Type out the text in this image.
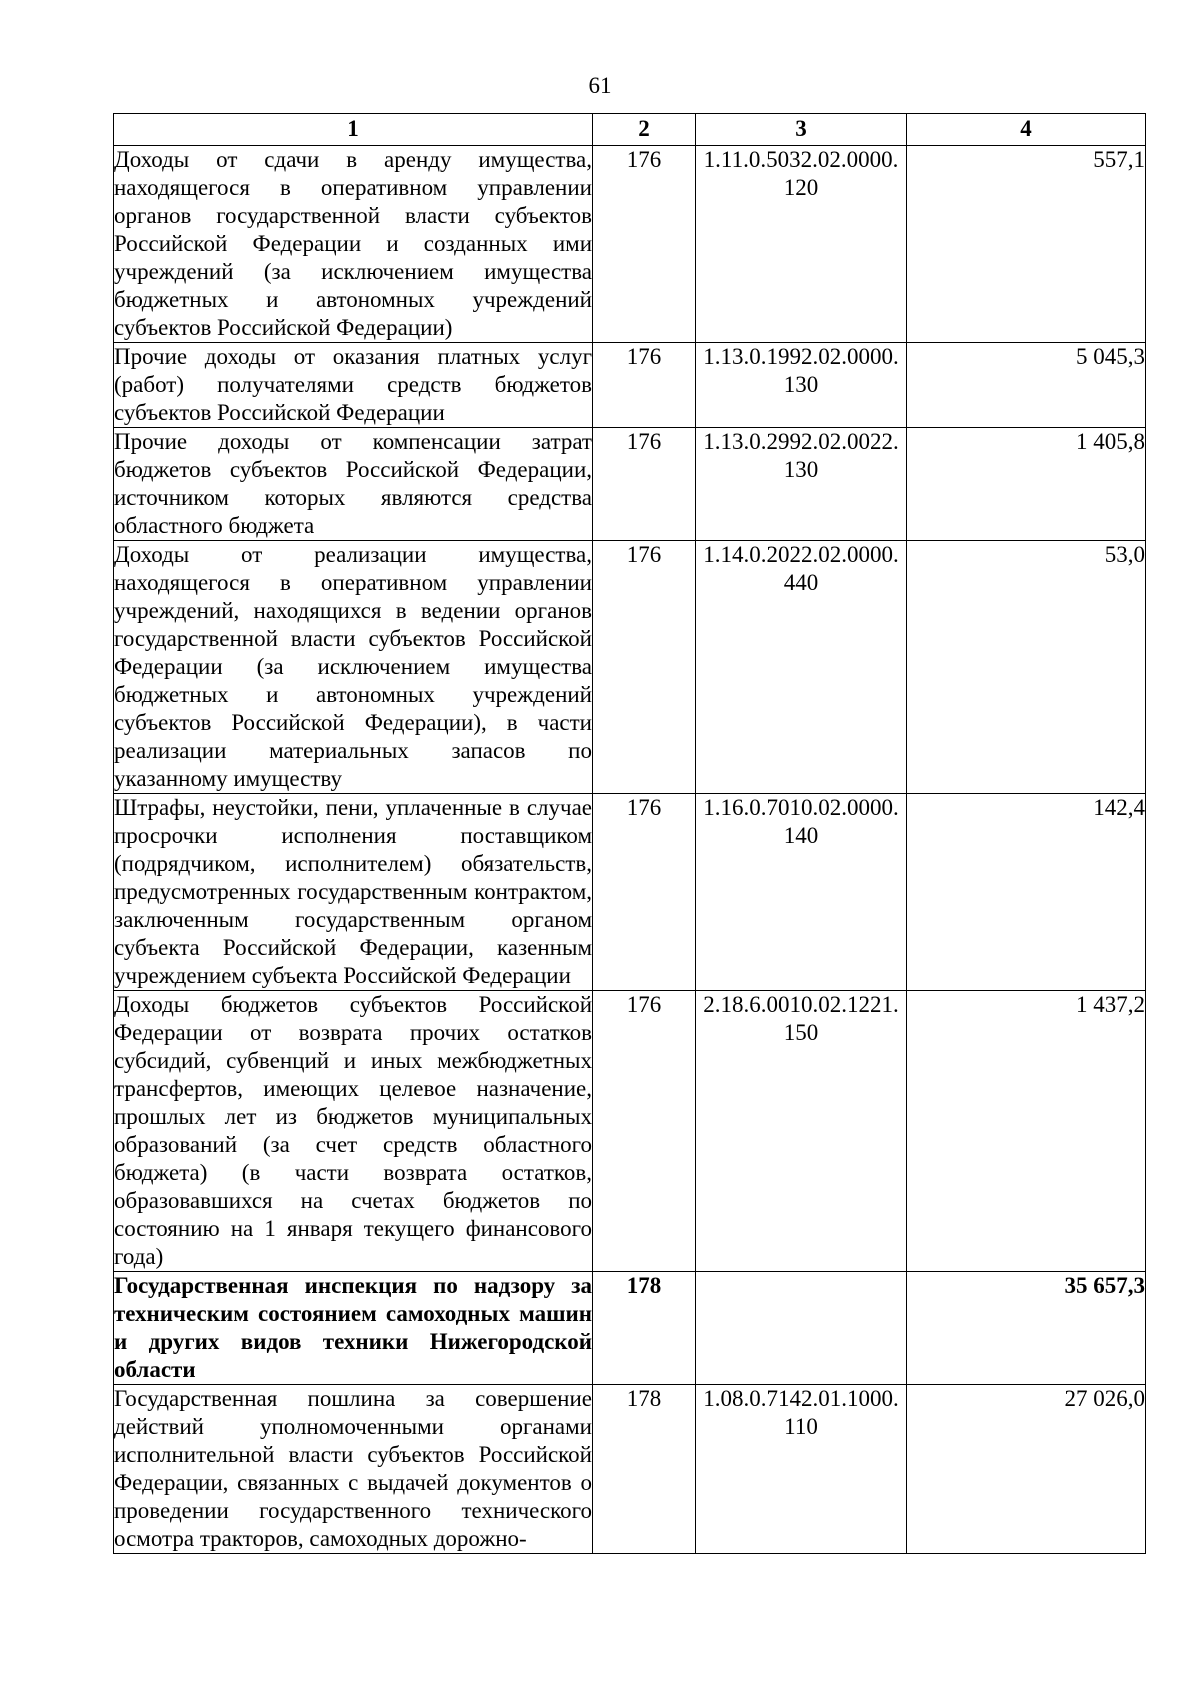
61
1	2	3	4
Доходы от сдачи в аренду имущества, находящегося в оперативном управлении органов государственной власти субъектов Российской Федерации и созданных ими учреждений (за исключением имущества бюджетных и автономных учреждений субъектов Российской Федерации)	176	1.11.0.5032.02.0000. 120	557,1
Прочие доходы от оказания платных услуг (работ) получателями средств бюджетов субъектов Российской Федерации	176	1.13.0.1992.02.0000. 130	5 045,3
Прочие доходы от компенсации затрат бюджетов субъектов Российской Федерации, источником которых являются средства областного бюджета	176	1.13.0.2992.02.0022. 130	1 405,8
Доходы от реализации имущества, находящегося в оперативном управлении учреждений, находящихся в ведении органов государственной власти субъектов Российской Федерации (за исключением имущества бюджетных и автономных учреждений субъектов Российской Федерации), в части реализации материальных запасов по указанному имуществу	176	1.14.0.2022.02.0000. 440	53,0
Штрафы, неустойки, пени, уплаченные в случае просрочки исполнения поставщиком (подрядчиком, исполнителем) обязательств, предусмотренных государственным контрактом, заключенным государственным органом субъекта Российской Федерации, казенным учреждением субъекта Российской Федерации	176	1.16.0.7010.02.0000. 140	142,4
Доходы бюджетов субъектов Российской Федерации от возврата прочих остатков субсидий, субвенций и иных межбюджетных трансфертов, имеющих целевое назначение, прошлых лет из бюджетов муниципальных образований (за счет средств областного бюджета) (в части возврата остатков, образовавшихся на счетах бюджетов по состоянию на 1 января текущего финансового года)	176	2.18.6.0010.02.1221. 150	1 437,2
Государственная инспекция по надзору за техническим состоянием самоходных машин и других видов техники Нижегородской области	178		35 657,3
Государственная пошлина за совершение действий уполномоченными органами исполнительной власти субъектов Российской Федерации, связанных с выдачей документов о проведении государственного технического осмотра тракторов, самоходных дорожно-	178	1.08.0.7142.01.1000. 110	27 026,0
